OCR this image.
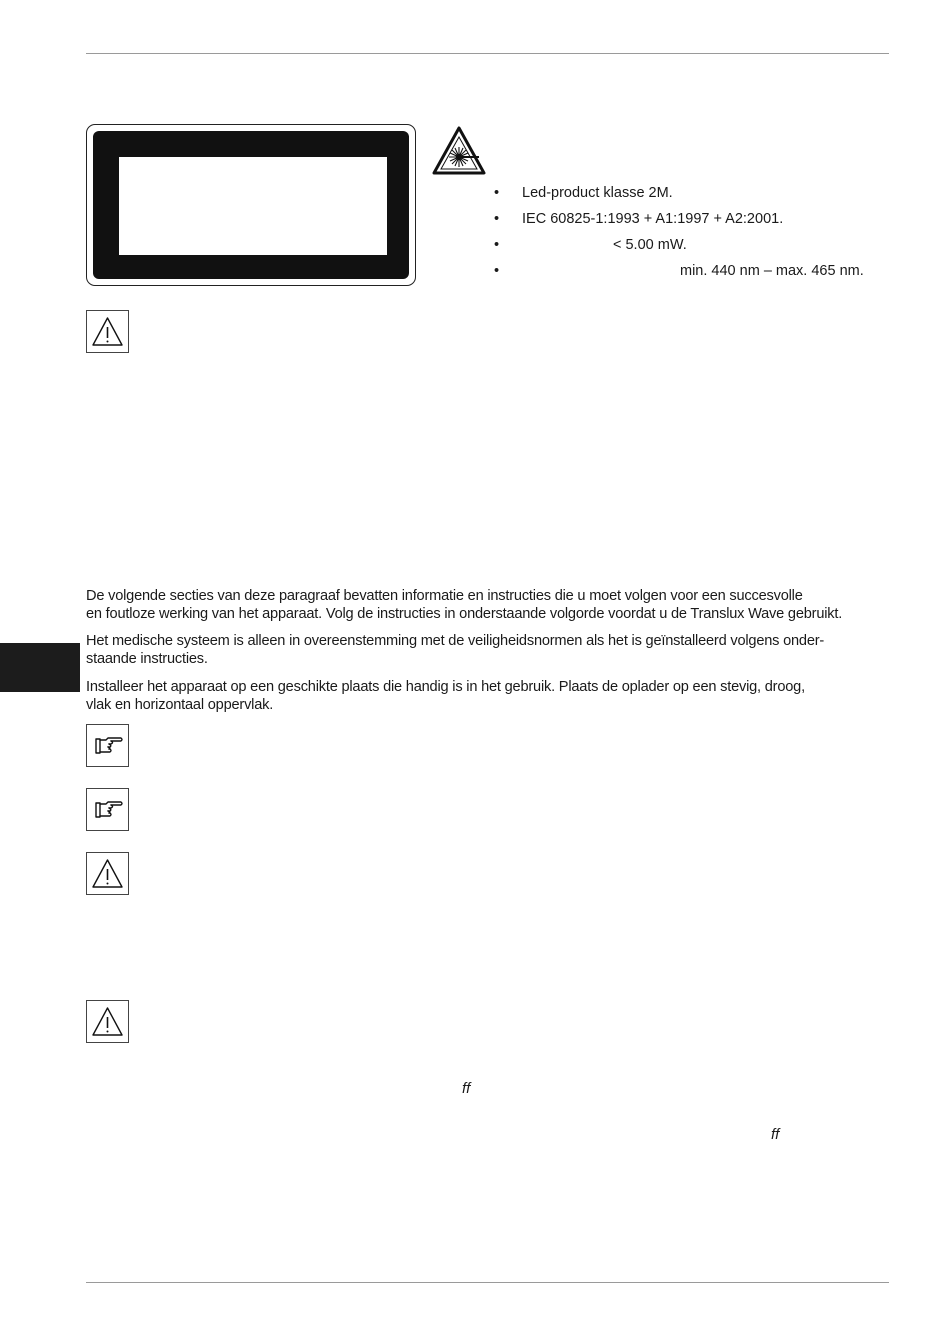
•	Led-product klasse 2M.
•	IEC 60825-1:1993 + A1:1997 + A2:2001.
•	< 5.00 mW.
•	min. 440 nm – max. 465 nm.

De volgende secties van deze paragraaf bevatten informatie en instructies die u moet volgen voor een succesvolle
en foutloze werking van het apparaat. Volg de instructies in onderstaande volgorde voordat u de Translux Wave gebruikt.

Het medische systeem is alleen in overeenstemming met de veiligheidsnormen als het is geïnstalleerd volgens onder-
staande instructies.

Installeer het apparaat op een geschikte plaats die handig is in het gebruik. Plaats de oplader op een stevig, droog,
vlak en horizontaal oppervlak.

ff
ff
